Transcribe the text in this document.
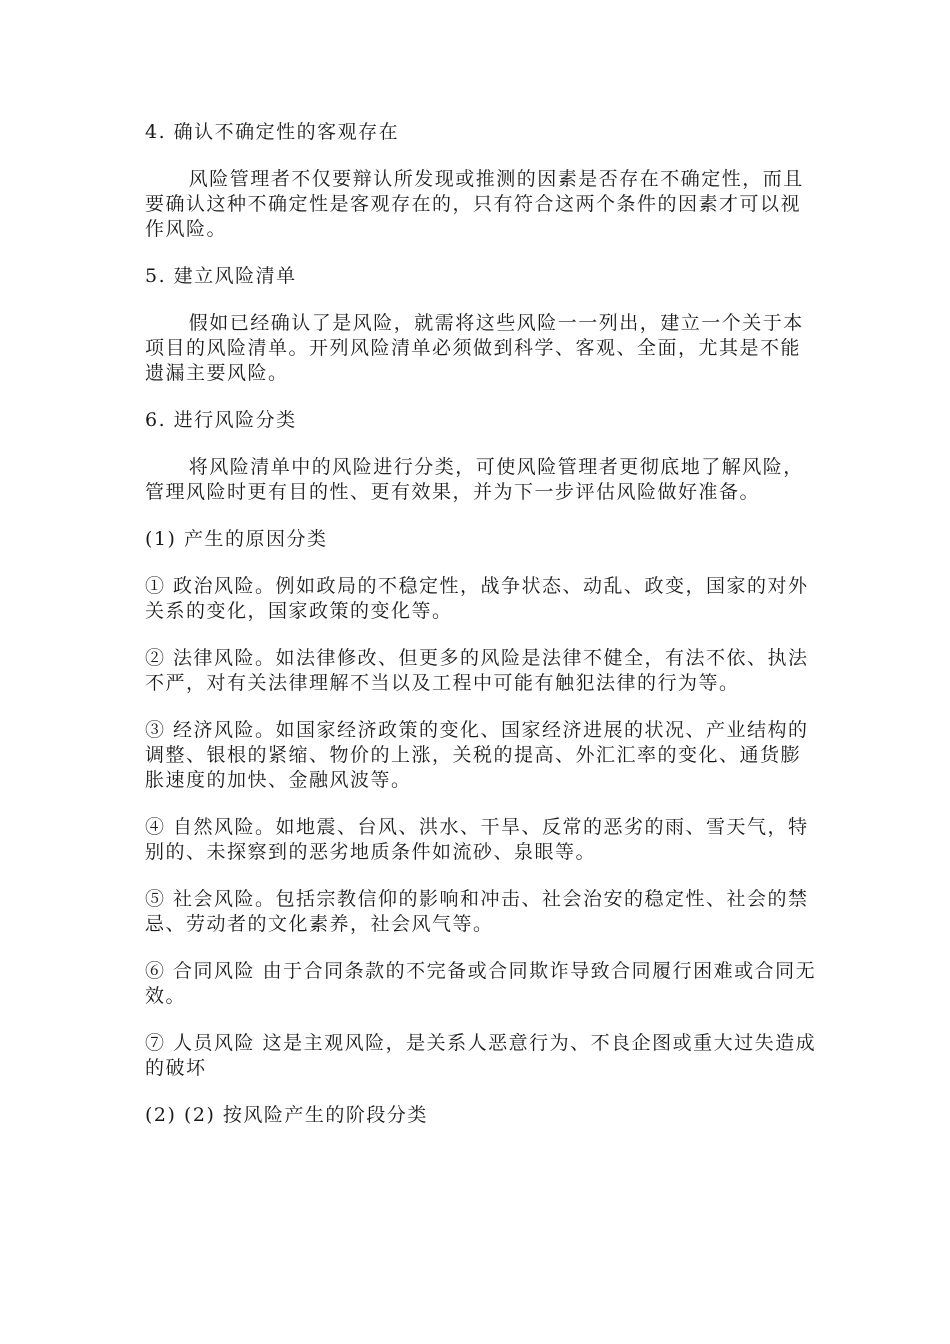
4. 确认不确定性的客观存在

风险管理者不仅要辩认所发现或推测的因素是否存在不确定性，而且要确认这种不确定性是客观存在的，只有符合这两个条件的因素才可以视作风险。

5. 建立风险清单

假如已经确认了是风险，就需将这些风险一一列出，建立一个关于本项目的风险清单。开列风险清单必须做到科学、客观、全面，尤其是不能遗漏主要风险。

6. 进行风险分类

将风险清单中的风险进行分类，可使风险管理者更彻底地了解风险，管理风险时更有目的性、更有效果，并为下一步评估风险做好准备。

(1) 产生的原因分类

① 政治风险。例如政局的不稳定性，战争状态、动乱、政变，国家的对外关系的变化，国家政策的变化等。

② 法律风险。如法律修改、但更多的风险是法律不健全，有法不依、执法不严，对有关法律理解不当以及工程中可能有触犯法律的行为等。

③ 经济风险。如国家经济政策的变化、国家经济进展的状况、产业结构的调整、银根的紧缩、物价的上涨，关税的提高、外汇汇率的变化、通货膨胀速度的加快、金融风波等。

④ 自然风险。如地震、台风、洪水、干旱、反常的恶劣的雨、雪天气，特别的、未探察到的恶劣地质条件如流砂、泉眼等。

⑤ 社会风险。包括宗教信仰的影响和冲击、社会治安的稳定性、社会的禁忌、劳动者的文化素养，社会风气等。

⑥ 合同风险 由于合同条款的不完备或合同欺诈导致合同履行困难或合同无效。

⑦ 人员风险 这是主观风险，是关系人恶意行为、不良企图或重大过失造成的破坏

(2) (2) 按风险产生的阶段分类
